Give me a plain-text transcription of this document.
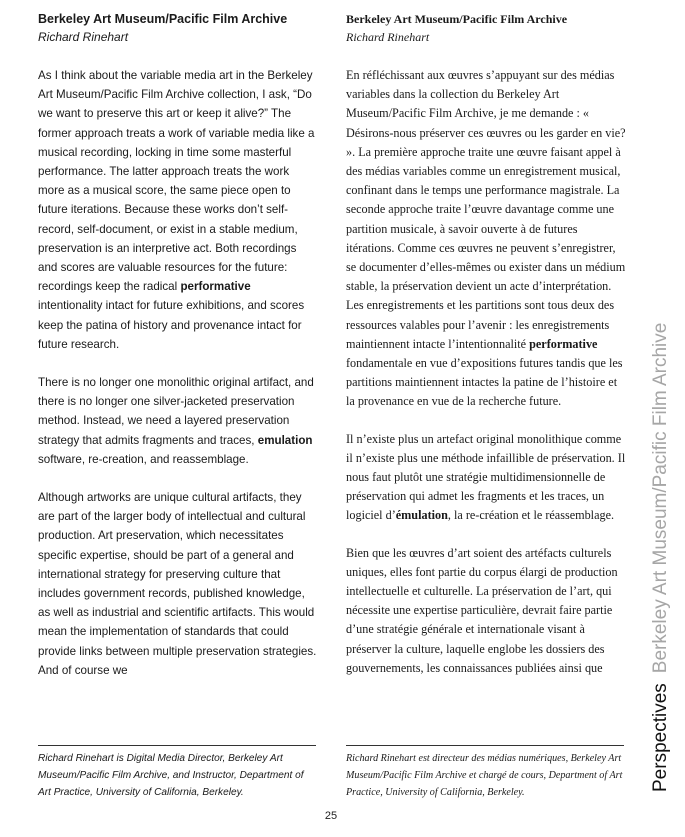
Berkeley Art Museum/Pacific Film Archive
Richard Rinehart

As I think about the variable media art in the Berkeley Art Museum/Pacific Film Archive collection, I ask, “Do we want to preserve this art or keep it alive?” The former approach treats a work of variable media like a musical recording, locking in time some masterful performance. The latter approach treats the work more as a musical score, the same piece open to future iterations. Because these works don’t self-record, self-document, or exist in a stable medium, preservation is an interpretive act. Both recordings and scores are valuable resources for the future: recordings keep the radical performative intentionality intact for future exhibitions, and scores keep the patina of history and provenance intact for future research.

There is no longer one monolithic original artifact, and there is no longer one silver-jacketed preservation method. Instead, we need a layered preservation strategy that admits fragments and traces, emulation software, re-creation, and reassemblage.

Although artworks are unique cultural artifacts, they are part of the larger body of intellectual and cultural production. Art preservation, which necessitates specific expertise, should be part of a general and international strategy for preserving culture that includes government records, published knowledge, as well as industrial and scientific artifacts. This would mean the implementation of standards that could provide links between multiple preservation strategies. And of course we

Berkeley Art Museum/Pacific Film Archive
Richard Rinehart

En réfléchissant aux œuvres s’appuyant sur des médias variables dans la collection du Berkeley Art Museum/Pacific Film Archive, je me demande : « Désirons-nous préserver ces œuvres ou les garder en vie? ». La première approche traite une œuvre faisant appel à des médias variables comme un enregistrement musical, confinant dans le temps une performance magistrale. La seconde approche traite l’œuvre davantage comme une partition musicale, à savoir ouverte à de futures itérations. Comme ces œuvres ne peuvent s’enregistrer, se documenter d’elles-mêmes ou exister dans un médium stable, la préservation devient un acte d’interprétation. Les enregistrements et les partitions sont tous deux des ressources valables pour l’avenir : les enregistrements maintiennent intacte l’intentionnalité performative fondamentale en vue d’expositions futures tandis que les partitions maintiennent intactes la patine de l’histoire et la provenance en vue de la recherche future.

Il n’existe plus un artefact original monolithique comme il n’existe plus une méthode infaillible de préservation. Il nous faut plutôt une stratégie multidimensionnelle de préservation qui admet les fragments et les traces, un logiciel d’émulation, la re-création et le réassemblage.

Bien que les œuvres d’art soient des artéfacts culturels uniques, elles font partie du corpus élargi de production intellectuelle et culturelle. La préservation de l’art, qui nécessite une expertise particulière, devrait faire partie d’une stratégie générale et internationale visant à préserver la culture, laquelle englobe les dossiers des gouvernements, les connaissances publiées ainsi que

Richard Rinehart is Digital Media Director, Berkeley Art Museum/Pacific Film Archive, and Instructor, Department of Art Practice, University of California, Berkeley.
Richard Rinehart est directeur des médias numériques, Berkeley Art Museum/Pacific Film Archive et chargé de cours, Department of Art Practice, University of California, Berkeley.
25
PerspectivesBerkeley Art Museum/Pacific Film Archive
